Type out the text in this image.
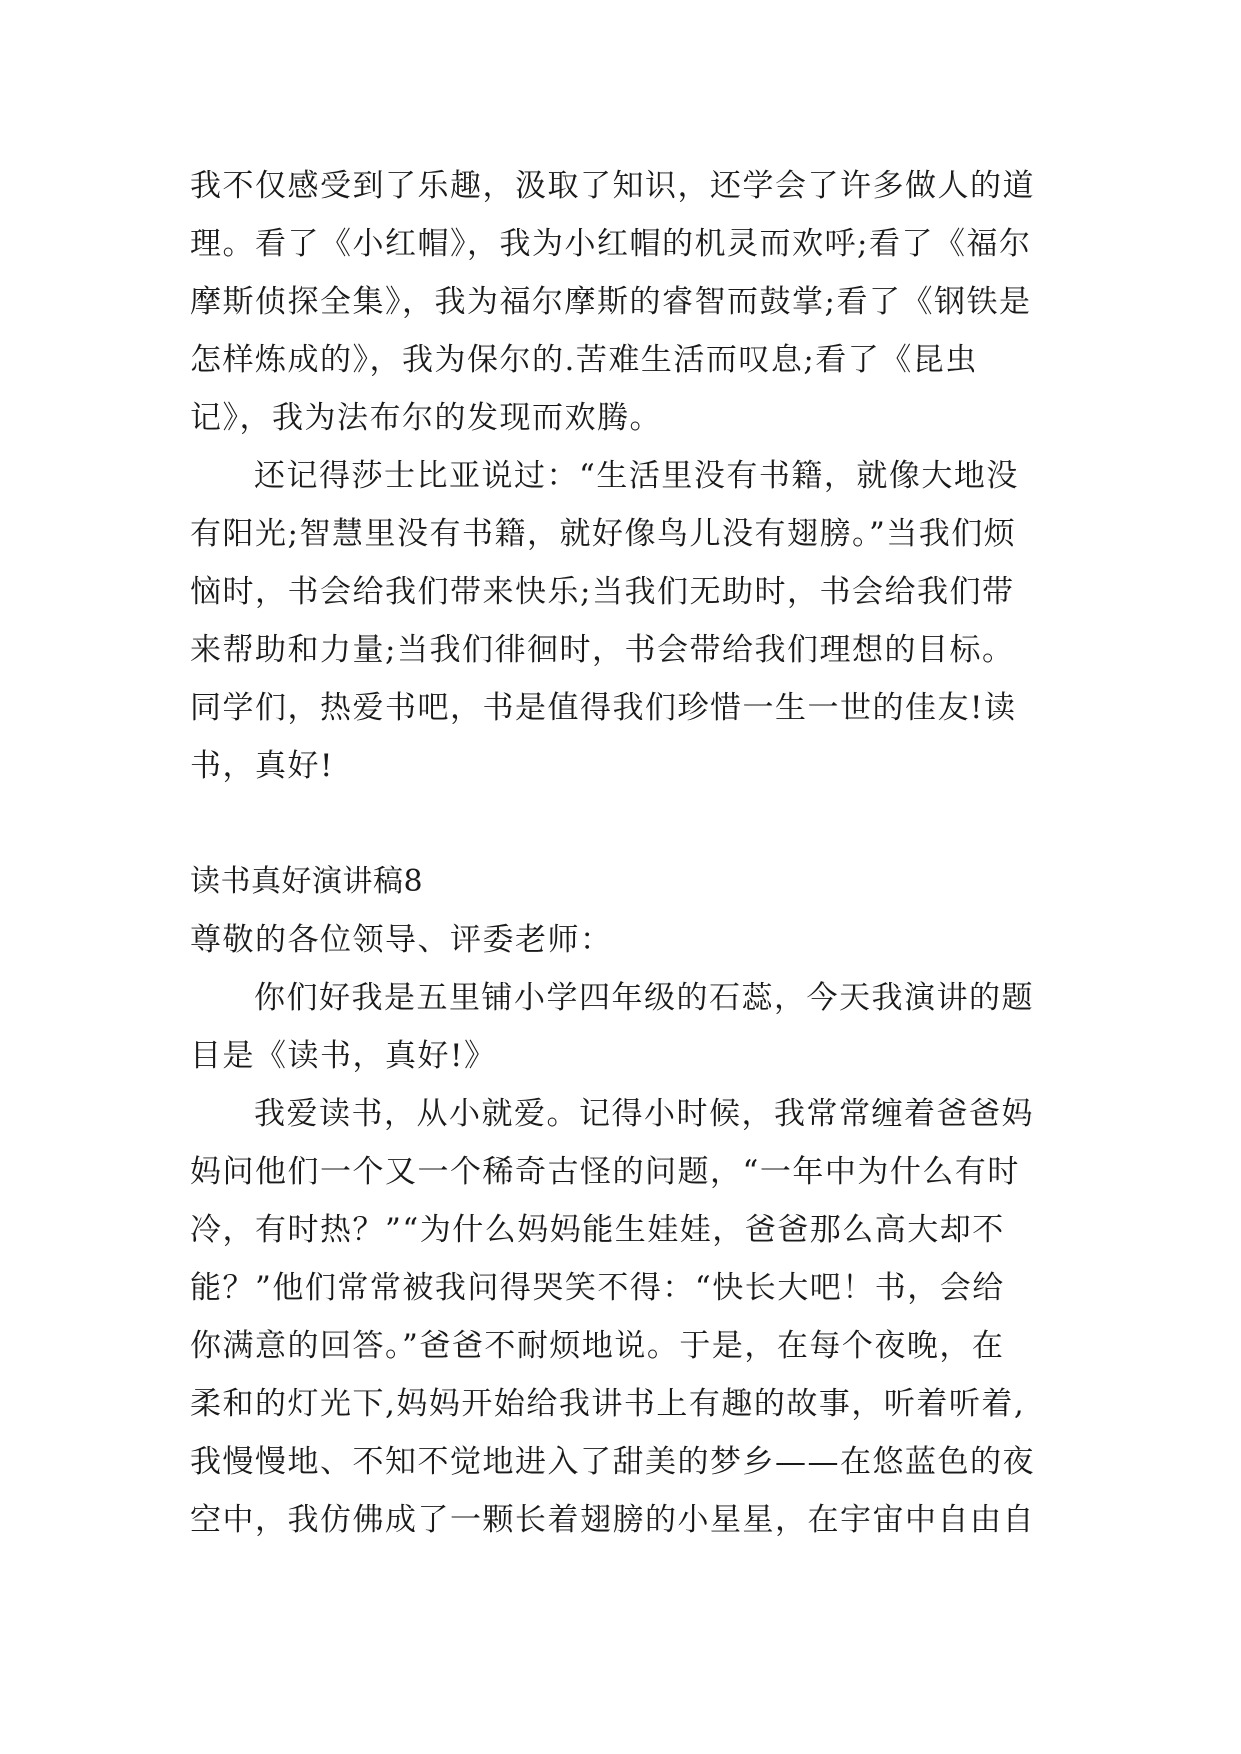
我不仅感受到了乐趣，汲取了知识，还学会了许多做人的道
理。看了《小红帽》，我为小红帽的机灵而欢呼;看了《福尔
摩斯侦探全集》，我为福尔摩斯的睿智而鼓掌;看了《钢铁是
怎样炼成的》，我为保尔的.苦难生活而叹息;看了《昆虫
记》，我为法布尔的发现而欢腾。
还记得莎士比亚说过：“生活里没有书籍，就像大地没
有阳光;智慧里没有书籍，就好像鸟儿没有翅膀。”当我们烦
恼时，书会给我们带来快乐;当我们无助时，书会给我们带
来帮助和力量;当我们徘徊时，书会带给我们理想的目标。
同学们，热爱书吧，书是值得我们珍惜一生一世的佳友!读
书，真好!
读书真好演讲稿8
尊敬的各位领导、评委老师：
你们好我是五里铺小学四年级的石蕊，今天我演讲的题
目是《读书，真好!》
我爱读书，从小就爱。记得小时候，我常常缠着爸爸妈
妈问他们一个又一个稀奇古怪的问题，“一年中为什么有时
冷，有时热？”“为什么妈妈能生娃娃，爸爸那么高大却不
能？”他们常常被我问得哭笑不得：“快长大吧！书，会给
你满意的回答。”爸爸不耐烦地说。于是，在每个夜晚，在
柔和的灯光下,妈妈开始给我讲书上有趣的故事，听着听着,
我慢慢地、不知不觉地进入了甜美的梦乡——在悠蓝色的夜
空中，我仿佛成了一颗长着翅膀的小星星，在宇宙中自由自
